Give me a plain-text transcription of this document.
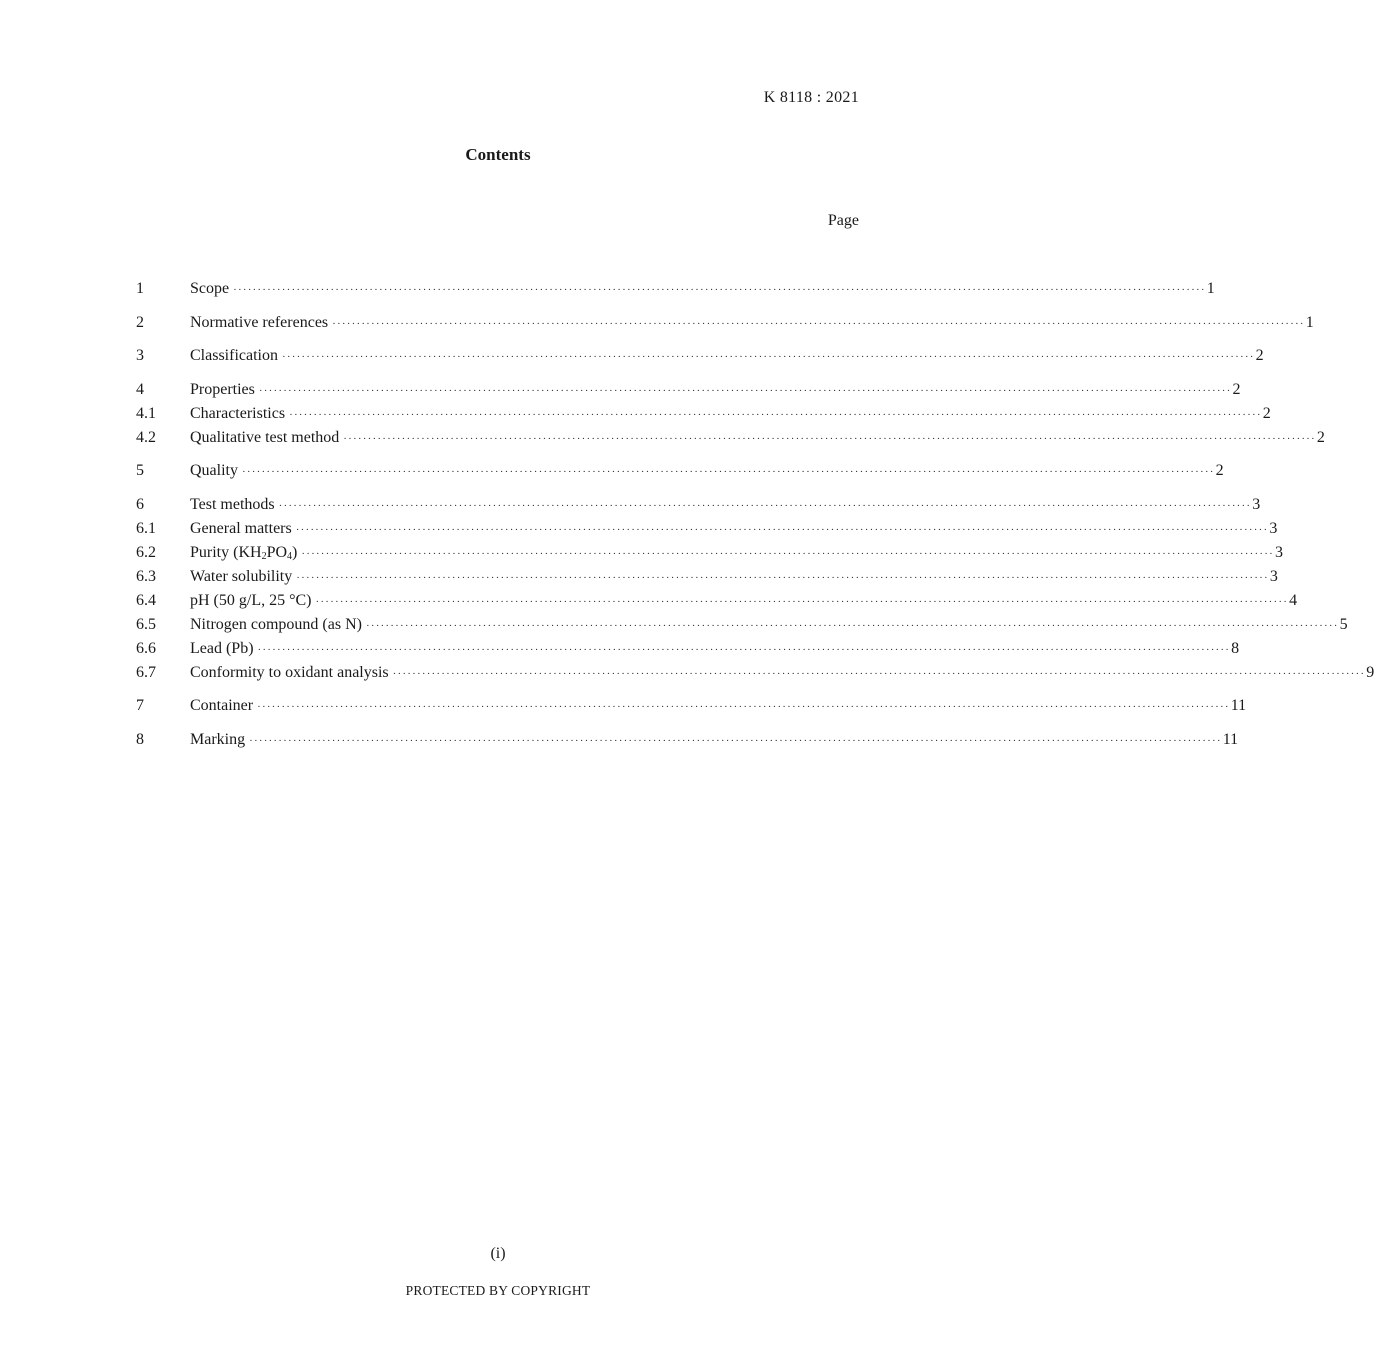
K 8118 : 2021
Contents
Page
1	Scope ········································································································································································································ 1
2	Normative references ········································································································································································································ 1
3	Classification ········································································································································································································ 2
4	Properties ········································································································································································································ 2
4.1	Characteristics ········································································································································································································ 2
4.2	Qualitative test method ········································································································································································································ 2
5	Quality ········································································································································································································ 2
6	Test methods ········································································································································································································ 3
6.1	General matters ········································································································································································································ 3
6.2	Purity $(KH_2PO_4)$ ········································································································································································································ 3
6.3	Water solubility ········································································································································································································ 3
6.4	pH (50 g/L, 25 °C) ········································································································································································································ 4
6.5	Nitrogen compound (as N) ········································································································································································································ 5
6.6	Lead (Pb) ········································································································································································································ 8
6.7	Conformity to oxidant analysis ········································································································································································································ 9
7	Container ········································································································································································································ 11
8	Marking ········································································································································································································ 11
(i)
PROTECTED BY COPYRIGHT
